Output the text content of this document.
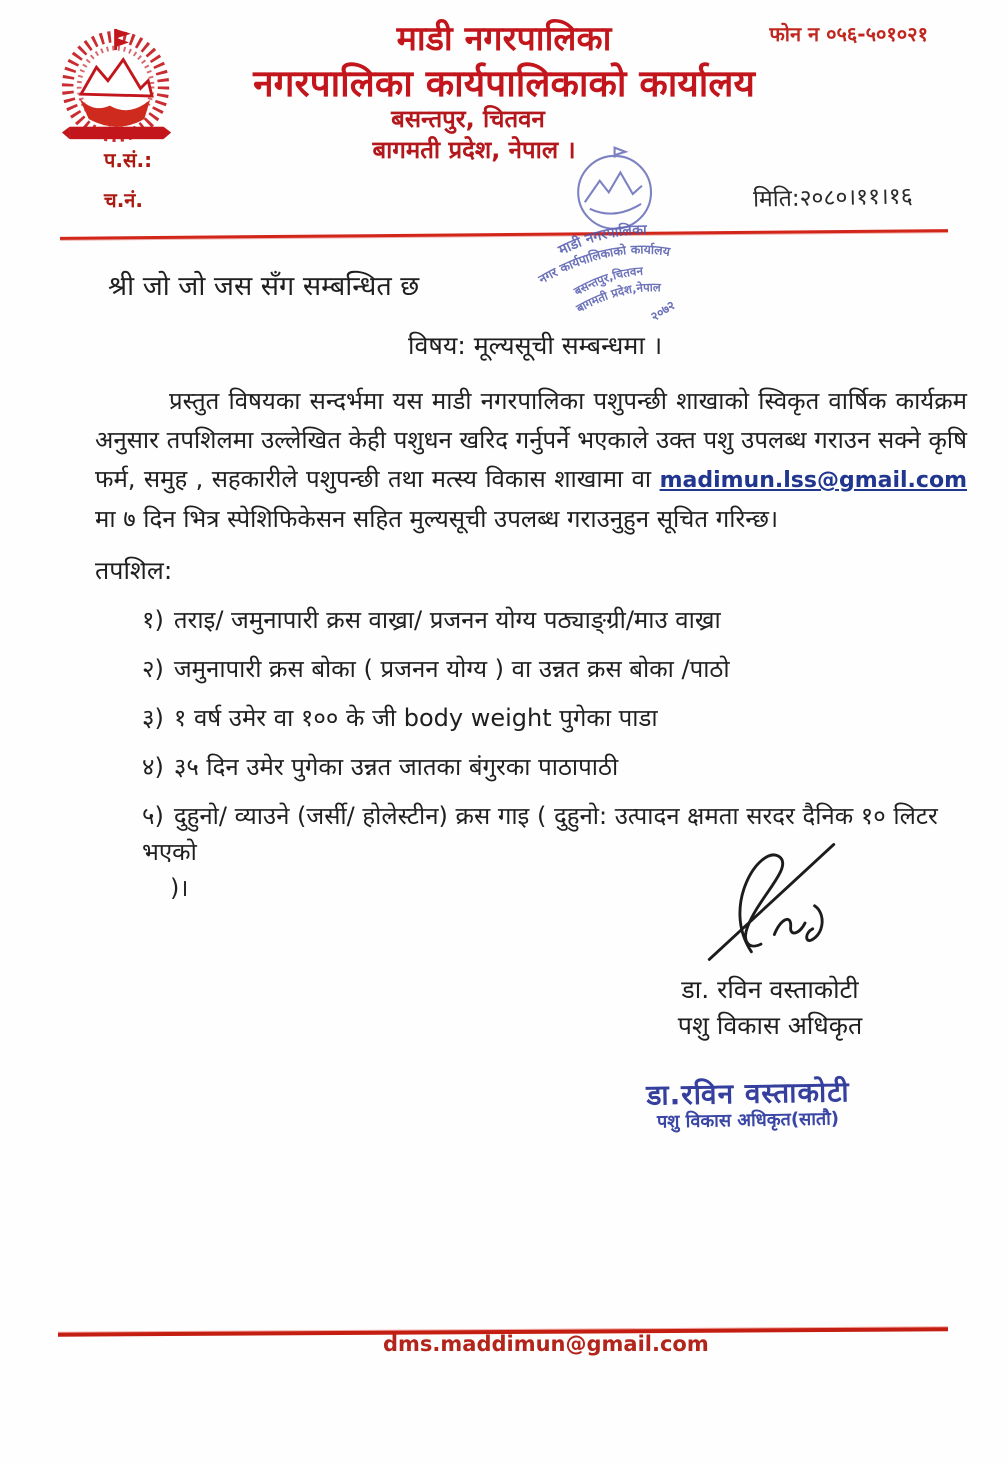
माडी नगरपालिका
नगरपालिका कार्यपालिकाको कार्यालय
बसन्तपुर, चितवन
बागमती प्रदेश, नेपाल ।
फोन न ०५६-५०१०२१
प.सं.:
च.नं.	मिति:२०८०।११।१६
माडी नगरपालिका
नगर कार्यपालिकाको कार्यालय
बसन्तपुर,चितवन
बागमती प्रदेश,नेपाल
२०७२
श्री जो जो जस सँग सम्बन्धित छ
विषय: मूल्यसूची सम्बन्धमा ।
प्रस्तुत विषयका सन्दर्भमा यस माडी नगरपालिका पशुपन्छी शाखाको स्विकृत वार्षिक कार्यक्रम अनुसार तपशिलमा उल्लेखित केही पशुधन खरिद गर्नुपर्ने भएकाले उक्त पशु उपलब्ध गराउन सक्ने कृषि फर्म, समुह , सहकारीले पशुपन्छी तथा मत्स्य विकास शाखामा वा madimun.lss@gmail.com मा ७ दिन भित्र स्पेशिफिकेसन सहित मुल्यसूची उपलब्ध गराउनुहुन सूचित गरिन्छ।
तपशिल:
१) तराइ/ जमुनापारी क्रस वाख्रा/ प्रजनन योग्य पठ्याङ्ग्री/माउ वाख्रा
२) जमुनापारी क्रस बोका ( प्रजनन योग्य ) वा उन्नत क्रस बोका /पाठो
३) १ वर्ष उमेर वा १०० के जी body weight पुगेका पाडा
४) ३५ दिन उमेर पुगेका उन्नत जातका बंगुरका पाठापाठी
५) दुहुनो/ व्याउने (जर्सी/ होलेस्टीन) क्रस गाइ ( दुहुनो: उत्पादन क्षमता सरदर दैनिक १० लिटर भएको
)।
डा. रविन वस्ताकोटी
पशु विकास अधिकृत
डा.रविन वस्ताकोटी
पशु विकास अधिकृत(सातौ)
dms.maddimun@gmail.com
